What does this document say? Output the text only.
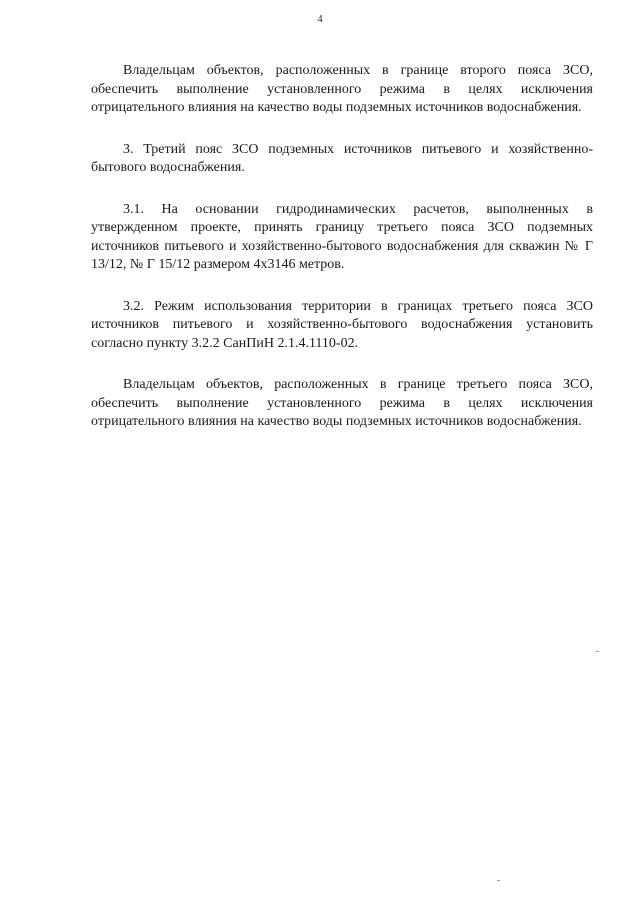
4

Владельцам объектов, расположенных в границе второго пояса ЗСО, обеспечить выполнение установленного режима в целях исключения отрицательного влияния на качество воды подземных источников водоснабжения.

3. Третий пояс ЗСО подземных источников питьевого и хозяйственно-бытового водоснабжения.

3.1. На основании гидродинамических расчетов, выполненных в утвержденном проекте, принять границу третьего пояса ЗСО подземных источников питьевого и хозяйственно-бытового водоснабжения для скважин № Г 13/12, № Г 15/12 размером 4х3146 метров.

3.2. Режим использования территории в границах третьего пояса ЗСО источников питьевого и хозяйственно-бытового водоснабжения установить согласно пункту 3.2.2 СанПиН 2.1.4.1110-02.

Владельцам объектов, расположенных в границе третьего пояса ЗСО, обеспечить выполнение установленного режима в целях исключения отрицательного влияния на качество воды подземных источников водоснабжения.
